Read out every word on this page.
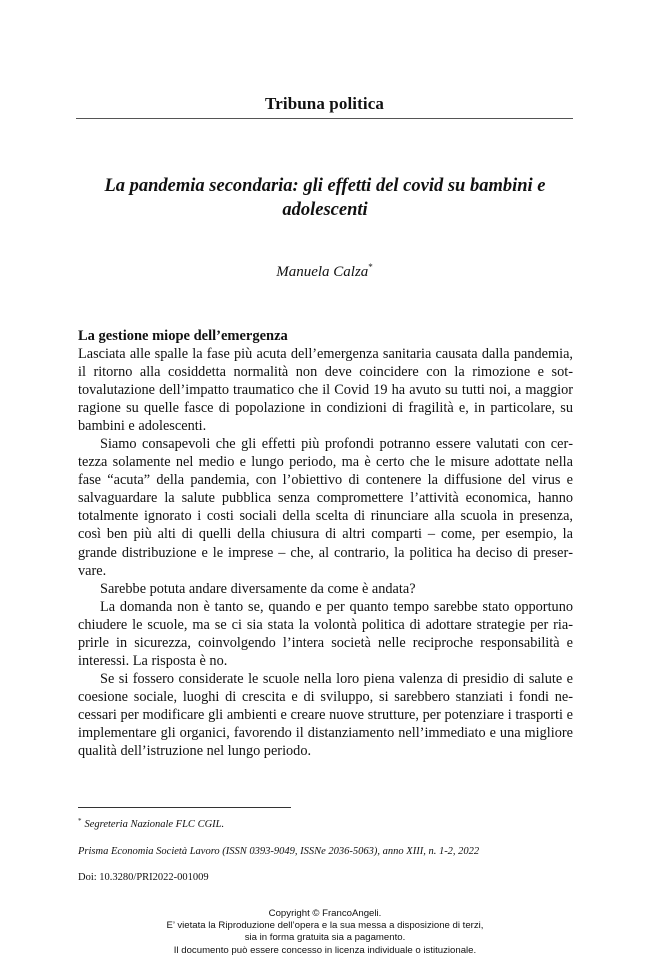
Tribuna politica
La pandemia secondaria: gli effetti del covid su bambini e adolescenti
Manuela Calza*
La gestione miope dell’emergenza

Lasciata alle spalle la fase più acuta dell’emergenza sanitaria causata dalla pandemia, il ritorno alla cosiddetta normalità non deve coincidere con la rimozione e sottovalutazione dell’impatto traumatico che il Covid 19 ha avuto su tutti noi, a maggior ragione su quelle fasce di popolazione in condizioni di fragilità e, in particolare, su bambini e adolescenti.

Siamo consapevoli che gli effetti più profondi potranno essere valutati con certezza solamente nel medio e lungo periodo, ma è certo che le misure adottate nella fase “acuta” della pandemia, con l’obiettivo di contenere la diffusione del virus e salvaguardare la salute pubblica senza compromettere l’attività economica, hanno totalmente ignorato i costi sociali della scelta di rinunciare alla scuola in presenza, così ben più alti di quelli della chiusura di altri comparti – come, per esempio, la grande distribuzione e le imprese – che, al contrario, la politica ha deciso di preservare.

Sarebbe potuta andare diversamente da come è andata?

La domanda non è tanto se, quando e per quanto tempo sarebbe stato opportuno chiudere le scuole, ma se ci sia stata la volontà politica di adottare strategie per riaprirle in sicurezza, coinvolgendo l’intera società nelle reciproche responsabilità e interessi. La risposta è no.

Se si fossero considerate le scuole nella loro piena valenza di presidio di salute e coesione sociale, luoghi di crescita e di sviluppo, si sarebbero stanziati i fondi necessari per modificare gli ambienti e creare nuove strutture, per potenziare i trasporti e implementare gli organici, favorendo il distanziamento nell’immediato e una migliore qualità dell’istruzione nel lungo periodo.

* Segreteria Nazionale FLC CGIL.
Prisma Economia Società Lavoro (ISSN 0393-9049, ISSNe 2036-5063), anno XIII, n. 1-2, 2022
Doi: 10.3280/PRI2022-001009
Copyright © FrancoAngeli.
E’ vietata la Riproduzione dell’opera e la sua messa a disposizione di terzi,
sia in forma gratuita sia a pagamento.
Il documento può essere concesso in licenza individuale o istituzionale.
